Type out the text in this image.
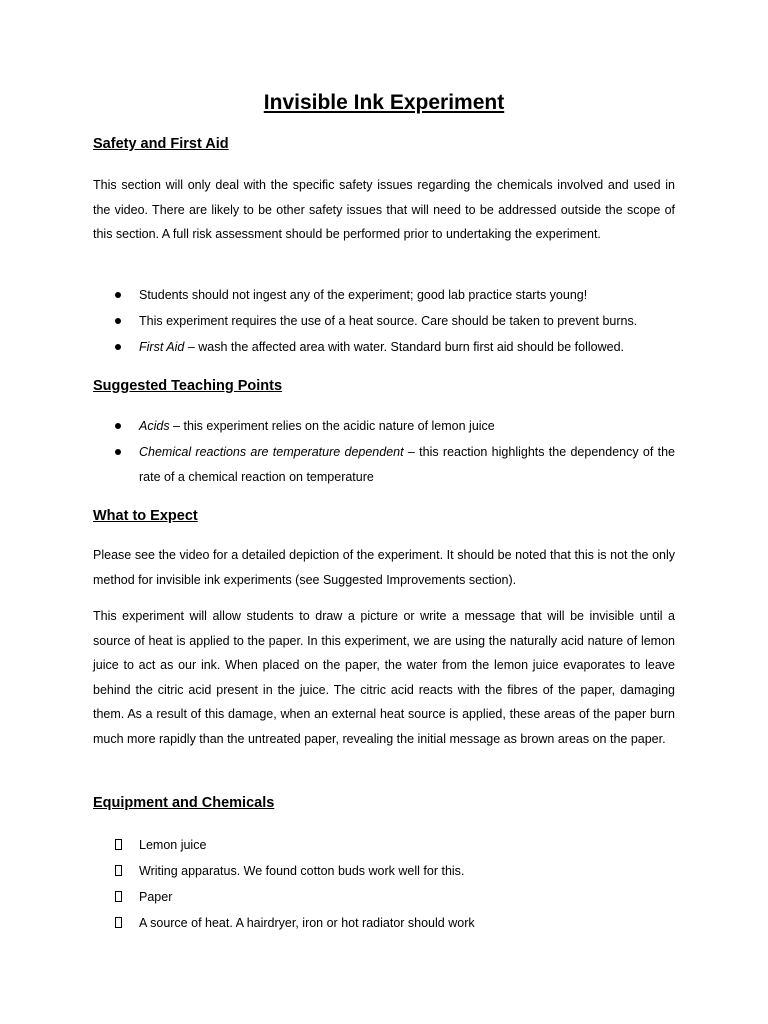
Invisible Ink Experiment
Safety and First Aid

This section will only deal with the specific safety issues regarding the chemicals involved and used in the video. There are likely to be other safety issues that will need to be addressed outside the scope of this section. A full risk assessment should be performed prior to undertaking the experiment.

Students should not ingest any of the experiment; good lab practice starts young!
This experiment requires the use of a heat source. Care should be taken to prevent burns.
First Aid – wash the affected area with water. Standard burn first aid should be followed.
Suggested Teaching Points
Acids – this experiment relies on the acidic nature of lemon juice
Chemical reactions are temperature dependent – this reaction highlights the dependency of the rate of a chemical reaction on temperature
What to Expect

Please see the video for a detailed depiction of the experiment. It should be noted that this is not the only method for invisible ink experiments (see Suggested Improvements section).

This experiment will allow students to draw a picture or write a message that will be invisible until a source of heat is applied to the paper. In this experiment, we are using the naturally acid nature of lemon juice to act as our ink. When placed on the paper, the water from the lemon juice evaporates to leave behind the citric acid present in the juice. The citric acid reacts with the fibres of the paper, damaging them. As a result of this damage, when an external heat source is applied, these areas of the paper burn much more rapidly than the untreated paper, revealing the initial message as brown areas on the paper.

Equipment and Chemicals
Lemon juice
Writing apparatus. We found cotton buds work well for this.
Paper
A source of heat. A hairdryer, iron or hot radiator should work
